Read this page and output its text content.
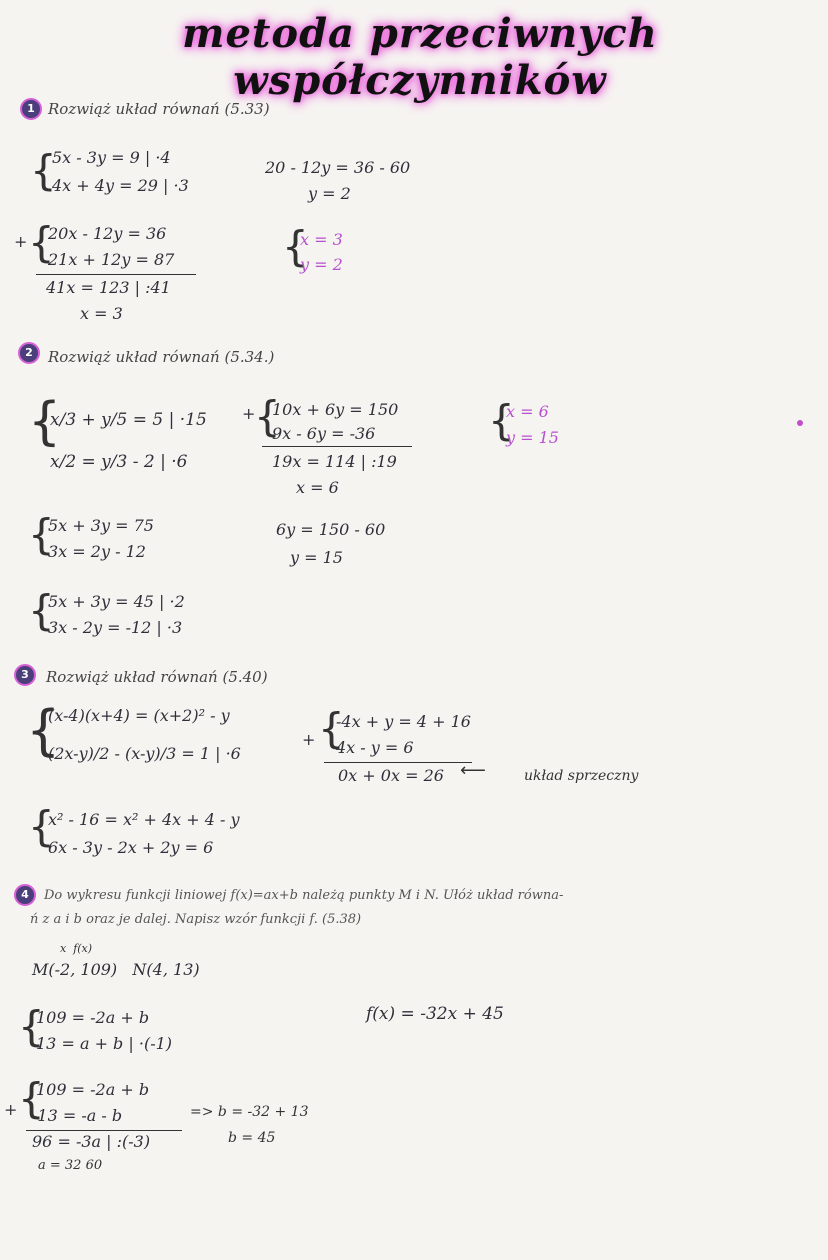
metoda przeciwnych współczynników
1 Rozwiąż układ równań (5.33)
{
5x - 3y = 9 | ·4
4x + 4y = 29 | ·3
20 - 12y = 36 - 60
y = 2
+ {
20x - 12y = 36
21x + 12y = 87
41x = 123 | :41
x = 3
{
x = 3
y = 2
2	Rozwiąż układ równań (5.34.)
{
x/3 + y/5 = 5 | ·15
x/2 = y/3 - 2 | ·6
+
{
10x + 6y = 150
9x - 6y = -36
19x = 114 | :19
x = 6
{
x = 6
y = 15
{
5x + 3y = 75
3x = 2y - 12
6y = 150 - 60
y = 15
{
5x + 3y = 45 | ·2
3x - 2y = -12 | ·3
3	Rozwiąż układ równań (5.40)
{
(x-4)(x+4) = (x+2)² - y
(2x-y)/2 - (x-y)/3 = 1 | ·6
+ {
-4x + y = 4 + 16
4x - y = 6
0x + 0x = 26 ⟵	układ sprzeczny
{
x² - 16 = x² + 4x + 4 - y
6x - 3y - 2x + 2y = 6
4	Do wykresu funkcji liniowej f(x)=ax+b należą punkty M i N. Ułóż układ równa-
ń z a i b oraz je dalej. Napisz wzór funkcji f. (5.38)
x  f(x)
M(-2, 109)   N(4, 13)
{
109 = -2a + b
13 = a + b | ·(-1)
f(x) = -32x + 45
+ {
109 = -2a + b
-13 = -a - b
96 = -3a | :(-3)
a = 32 60
=> b = -32 + 13
b = 45
